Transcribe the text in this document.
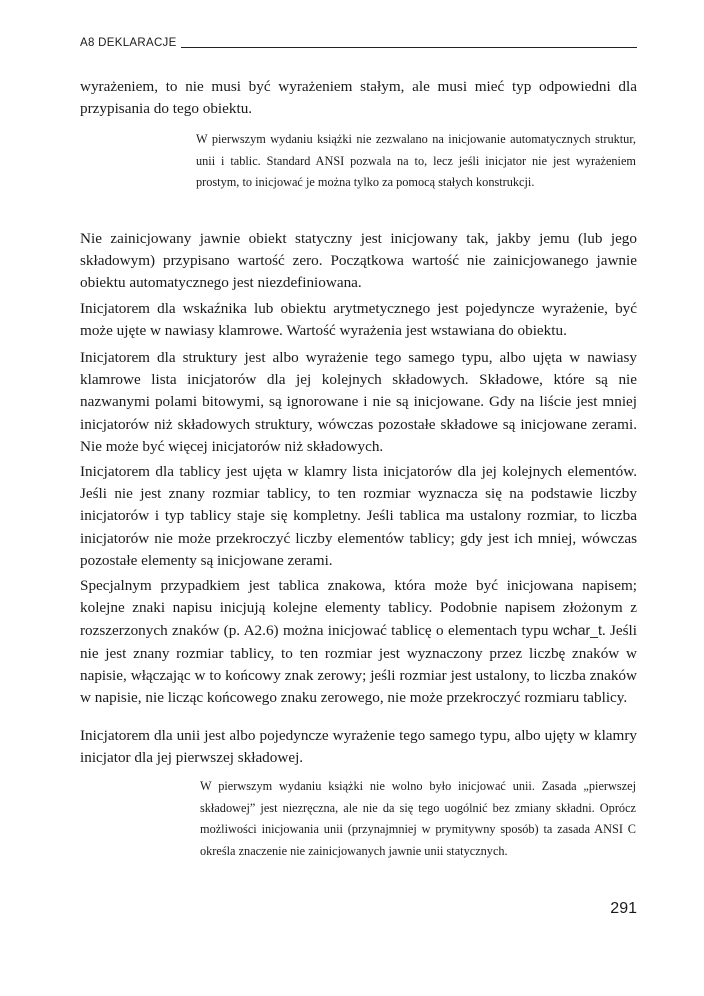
A8 DEKLARACJE

wyrażeniem, to nie musi być wyrażeniem stałym, ale musi mieć typ odpowiedni dla przypisania do tego obiektu.

W pierwszym wydaniu książki nie zezwalano na inicjowanie automatycznych struktur, unii i tablic. Standard ANSI pozwala na to, lecz jeśli inicjator nie jest wyrażeniem prostym, to inicjować je można tylko za pomocą stałych konstrukcji.

Nie zainicjowany jawnie obiekt statyczny jest inicjowany tak, jakby jemu (lub jego składowym) przypisano wartość zero. Początkowa wartość nie zainicjowanego jawnie obiektu automatycznego jest niezdefiniowana.

Inicjatorem dla wskaźnika lub obiektu arytmetycznego jest pojedyncze wyrażenie, być może ujęte w nawiasy klamrowe. Wartość wyrażenia jest wstawiana do obiektu.

Inicjatorem dla struktury jest albo wyrażenie tego samego typu, albo ujęta w nawiasy klamrowe lista inicjatorów dla jej kolejnych składowych. Składowe, które są nie nazwanymi polami bitowymi, są ignorowane i nie są inicjowane. Gdy na liście jest mniej inicjatorów niż składowych struktury, wówczas pozostałe składowe są inicjowane zerami. Nie może być więcej inicjatorów niż składowych.

Inicjatorem dla tablicy jest ujęta w klamry lista inicjatorów dla jej kolejnych elementów. Jeśli nie jest znany rozmiar tablicy, to ten rozmiar wyznacza się na podstawie liczby inicjatorów i typ tablicy staje się kompletny. Jeśli tablica ma ustalony rozmiar, to liczba inicjatorów nie może przekroczyć liczby elementów tablicy; gdy jest ich mniej, wówczas pozostałe elementy są inicjowane zerami.

Specjalnym przypadkiem jest tablica znakowa, która może być inicjowana napisem; kolejne znaki napisu inicjują kolejne elementy tablicy. Podobnie napisem złożonym z rozszerzonych znaków (p. A2.6) można inicjować tablicę o elementach typu wchar_t. Jeśli nie jest znany rozmiar tablicy, to ten rozmiar jest wyznaczony przez liczbę znaków w napisie, włączając w to końcowy znak zerowy; jeśli rozmiar jest ustalony, to liczba znaków w napisie, nie licząc końcowego znaku zerowego, nie może przekroczyć rozmiaru tablicy.

Inicjatorem dla unii jest albo pojedyncze wyrażenie tego samego typu, albo ujęty w klamry inicjator dla jej pierwszej składowej.

W pierwszym wydaniu książki nie wolno było inicjować unii. Zasada „pierwszej składowej” jest niezręczna, ale nie da się tego uogólnić bez zmiany składni. Oprócz możliwości inicjowania unii (przynajmniej w prymitywny sposób) ta zasada ANSI C określa znaczenie nie zainicjowanych jawnie unii statycznych.

291
